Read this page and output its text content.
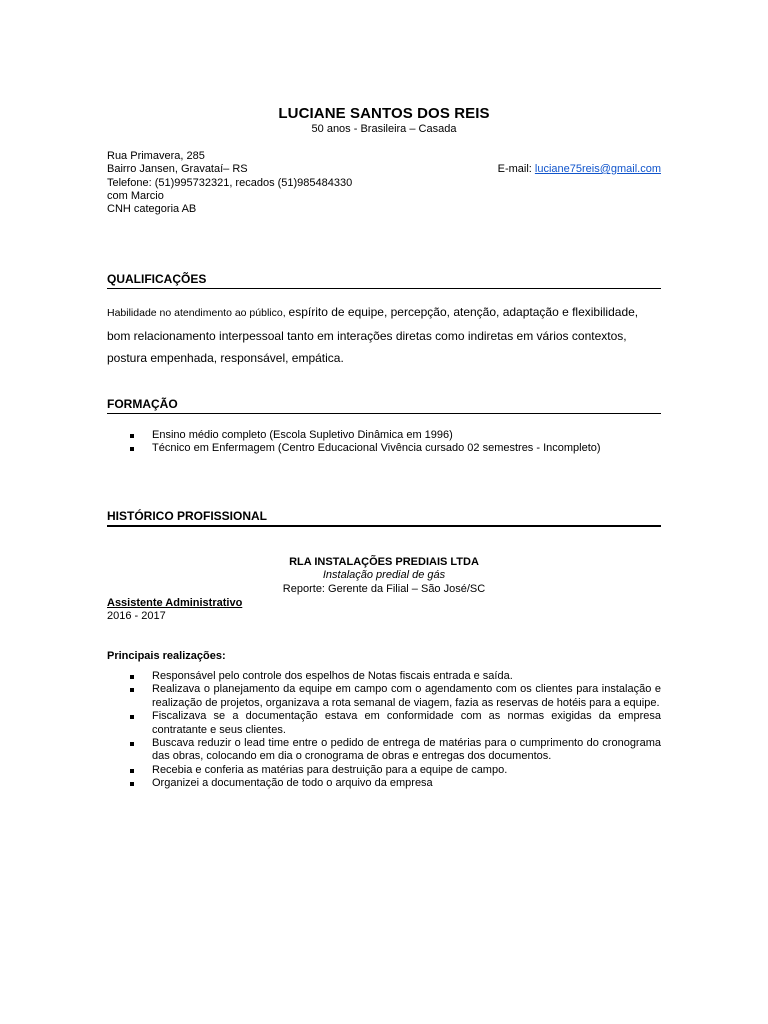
LUCIANE SANTOS DOS REIS
50 anos - Brasileira – Casada
Rua Primavera, 285
Bairro Jansen, Gravataí– RS
Telefone: (51)995732321, recados (51)985484330
com Marcio
CNH categoria AB
E-mail: luciane75reis@gmail.com
QUALIFICAÇÕES
Habilidade no atendimento ao público, espírito de equipe, percepção, atenção, adaptação e flexibilidade, bom relacionamento interpessoal tanto em interações diretas como indiretas em vários contextos, postura empenhada, responsável, empática.
FORMAÇÃO
Ensino médio completo (Escola Supletivo Dinâmica em 1996)
Técnico em Enfermagem (Centro Educacional Vivência cursado 02 semestres - Incompleto)
HISTÓRICO PROFISSIONAL
RLA INSTALAÇÕES PREDIAIS LTDA
Instalação predial de gás
Reporte: Gerente da Filial – São José/SC
Assistente Administrativo
2016 - 2017
Principais realizações:
Responsável pelo controle dos espelhos de Notas fiscais entrada e saída.
Realizava o planejamento da equipe em campo com o agendamento com os clientes para instalação e realização de projetos, organizava a rota semanal de viagem, fazia as reservas de hotéis para a equipe.
Fiscalizava se a documentação estava em conformidade com as normas exigidas da empresa contratante e seus clientes.
Buscava reduzir o lead time entre o pedido de entrega de matérias para o cumprimento do cronograma das obras, colocando em dia o cronograma de obras e entregas dos documentos.
Recebia e conferia as matérias para destruição para a equipe de campo.
Organizei a documentação de todo o arquivo da empresa
